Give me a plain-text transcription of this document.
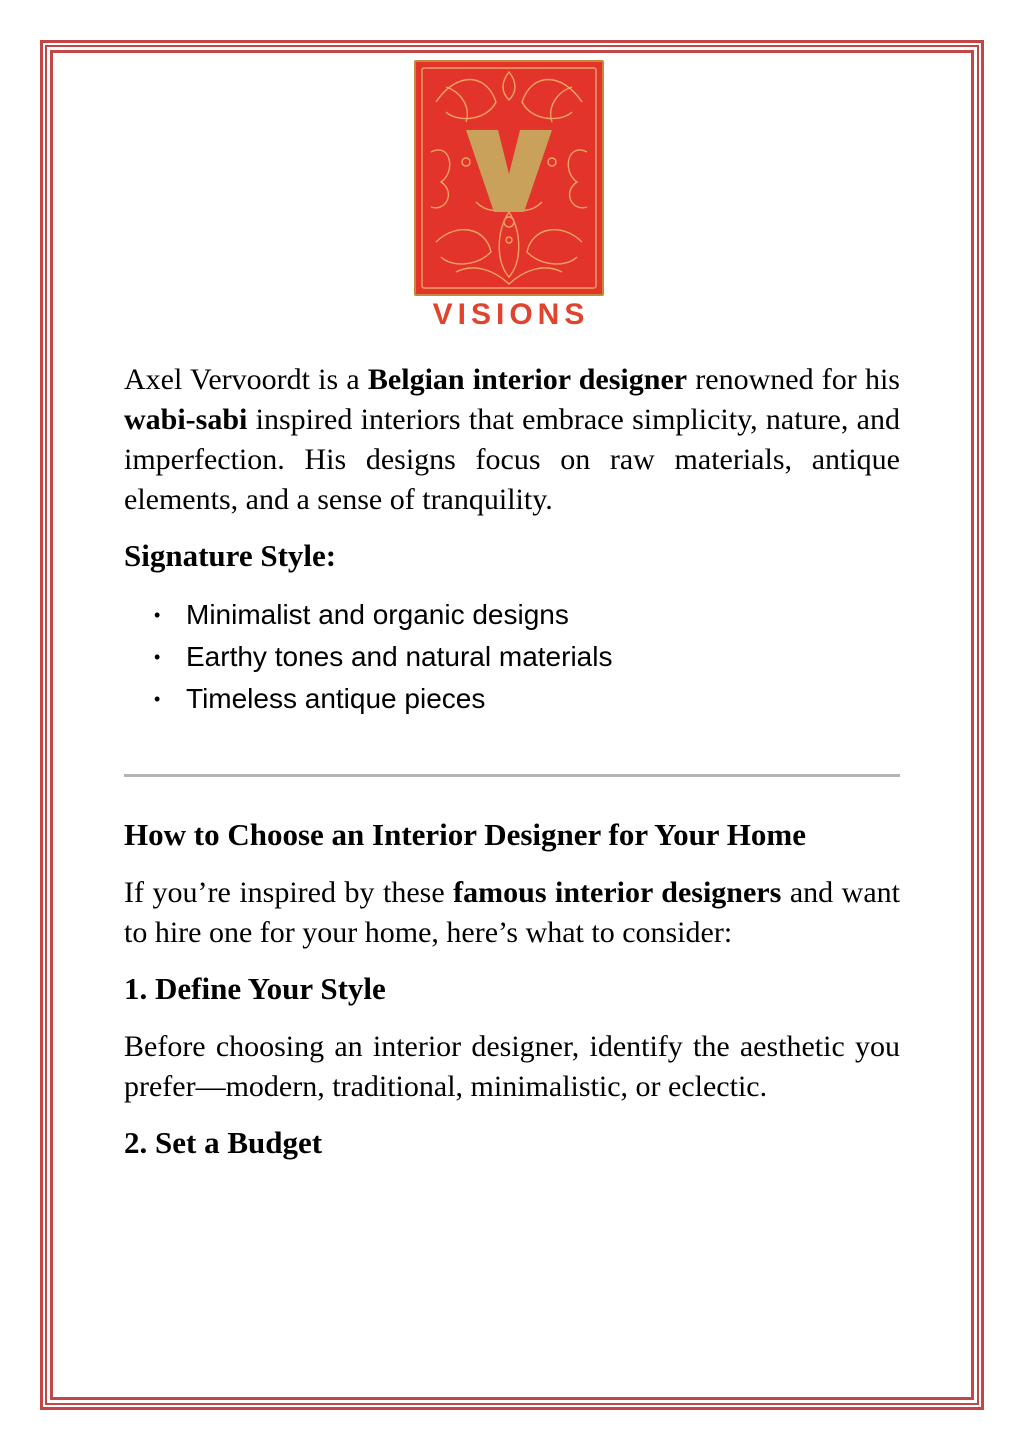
VISIONS

Axel Vervoordt is a Belgian interior designer renowned for his wabi-sabi inspired interiors that embrace simplicity, nature, and imperfection. His designs focus on raw materials, antique elements, and a sense of tranquility.

Signature Style:
• Minimalist and organic designs
• Earthy tones and natural materials
• Timeless antique pieces
How to Choose an Interior Designer for Your Home

If you’re inspired by these famous interior designers and want to hire one for your home, here’s what to consider:

1. Define Your Style

Before choosing an interior designer, identify the aesthetic you prefer—modern, traditional, minimalistic, or eclectic.

2. Set a Budget
